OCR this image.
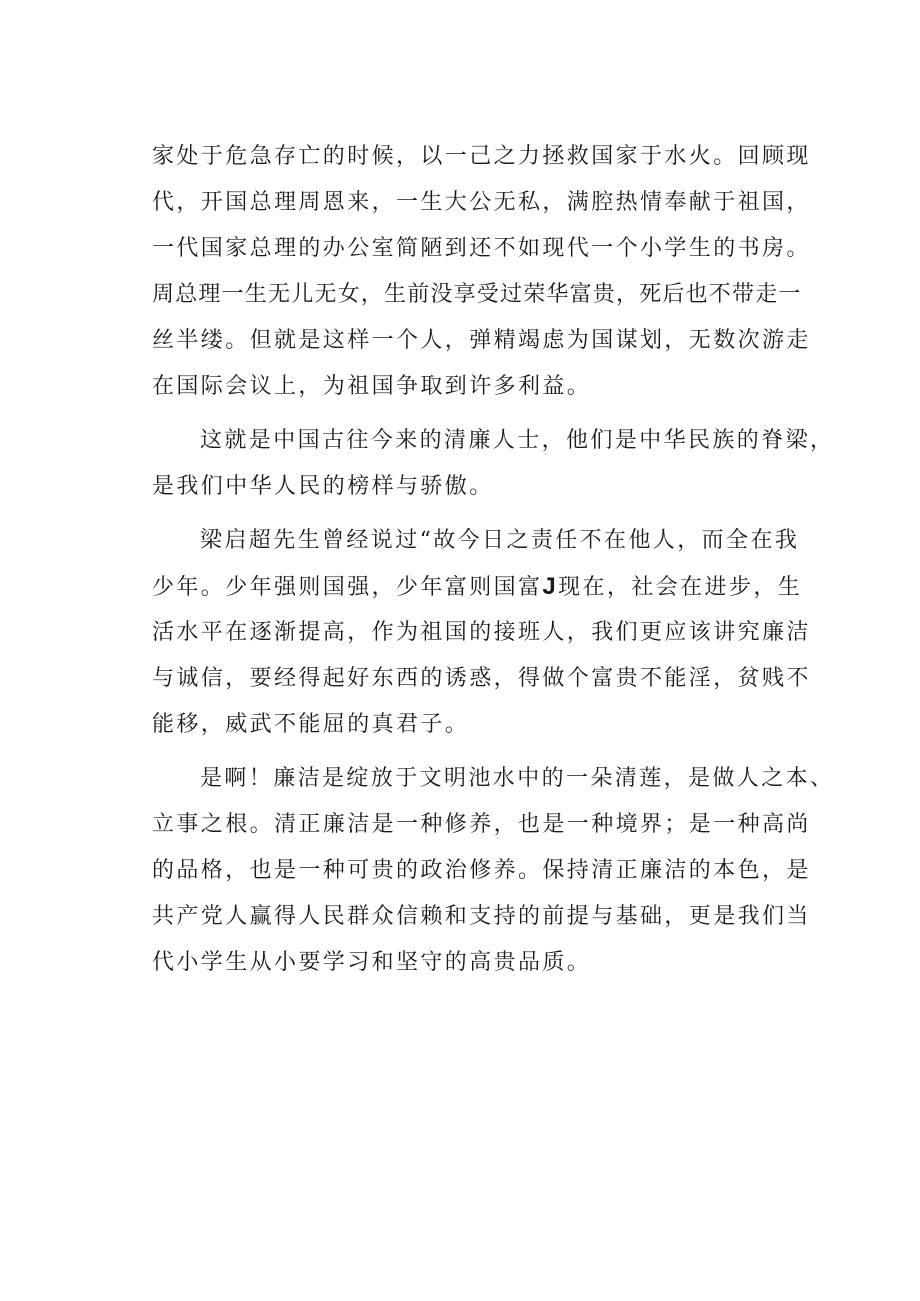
家处于危急存亡的时候，以一己之力拯救国家于水火。回顾现
代，开国总理周恩来，一生大公无私，满腔热情奉献于祖国，
一代国家总理的办公室简陋到还不如现代一个小学生的书房。
周总理一生无儿无女，生前没享受过荣华富贵，死后也不带走一
丝半缕。但就是这样一个人，弹精竭虑为国谋划，无数次游走
在国际会议上，为祖国争取到许多利益。
这就是中国古往今来的清廉人士，他们是中华民族的脊梁，
是我们中华人民的榜样与骄傲。
梁启超先生曾经说过“故今日之责任不在他人，而全在我
少年。少年强则国强，少年富则国富J现在，社会在进步，生
活水平在逐渐提高，作为祖国的接班人，我们更应该讲究廉洁
与诚信，要经得起好东西的诱惑，得做个富贵不能淫，贫贱不
能移，威武不能屈的真君子。
是啊！廉洁是绽放于文明池水中的一朵清莲，是做人之本、
立事之根。清正廉洁是一种修养，也是一种境界；是一种高尚
的品格，也是一种可贵的政治修养。保持清正廉洁的本色，是
共产党人赢得人民群众信赖和支持的前提与基础，更是我们当
代小学生从小要学习和坚守的高贵品质。
